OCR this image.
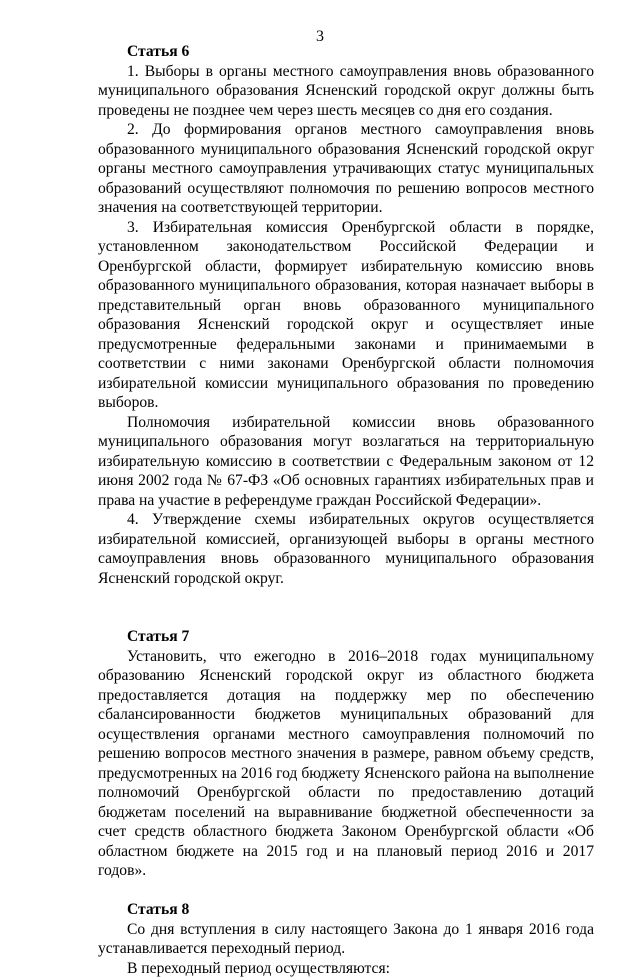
3

Статья 6

1. Выборы в органы местного самоуправления вновь образованного муниципального образования Ясненский городской округ должны быть проведены не позднее чем через шесть месяцев со дня его создания.

2. До формирования органов местного самоуправления вновь образованного муниципального образования Ясненский городской округ органы местного самоуправления утрачивающих статус муниципальных образований осуществляют полномочия по решению вопросов местного значения на соответствующей территории.

3. Избирательная комиссия Оренбургской области в порядке, установленном законодательством Российской Федерации и Оренбургской области, формирует избирательную комиссию вновь образованного муниципального образования, которая назначает выборы в представительный орган вновь образованного муниципального образования Ясненский городской округ и осуществляет иные предусмотренные федеральными законами и принимаемыми в соответствии с ними законами Оренбургской области полномочия избирательной комиссии муниципального образования по проведению выборов.

Полномочия избирательной комиссии вновь образованного муниципального образования могут возлагаться на территориальную избирательную комиссию в соответствии с Федеральным законом от 12 июня 2002 года № 67-ФЗ «Об основных гарантиях избирательных прав и права на участие в референдуме граждан Российской Федерации».

4. Утверждение схемы избирательных округов осуществляется избирательной комиссией, организующей выборы в органы местного самоуправления вновь образованного муниципального образования Ясненский городской округ.

Статья 7

Установить, что ежегодно в 2016–2018 годах муниципальному образованию Ясненский городской округ из областного бюджета предоставляется дотация на поддержку мер по обеспечению сбалансированности бюджетов муниципальных образований для осуществления органами местного самоуправления полномочий по решению вопросов местного значения в размере, равном объему средств, предусмотренных на 2016 год бюджету Ясненского района на выполнение полномочий Оренбургской области по предоставлению дотаций бюджетам поселений на выравнивание бюджетной обеспеченности за счет средств областного бюджета Законом Оренбургской области «Об областном бюджете на 2015 год и на плановый период 2016 и 2017 годов».

Статья 8

Со дня вступления в силу настоящего Закона до 1 января 2016 года устанавливается переходный период.

В переходный период осуществляются:
